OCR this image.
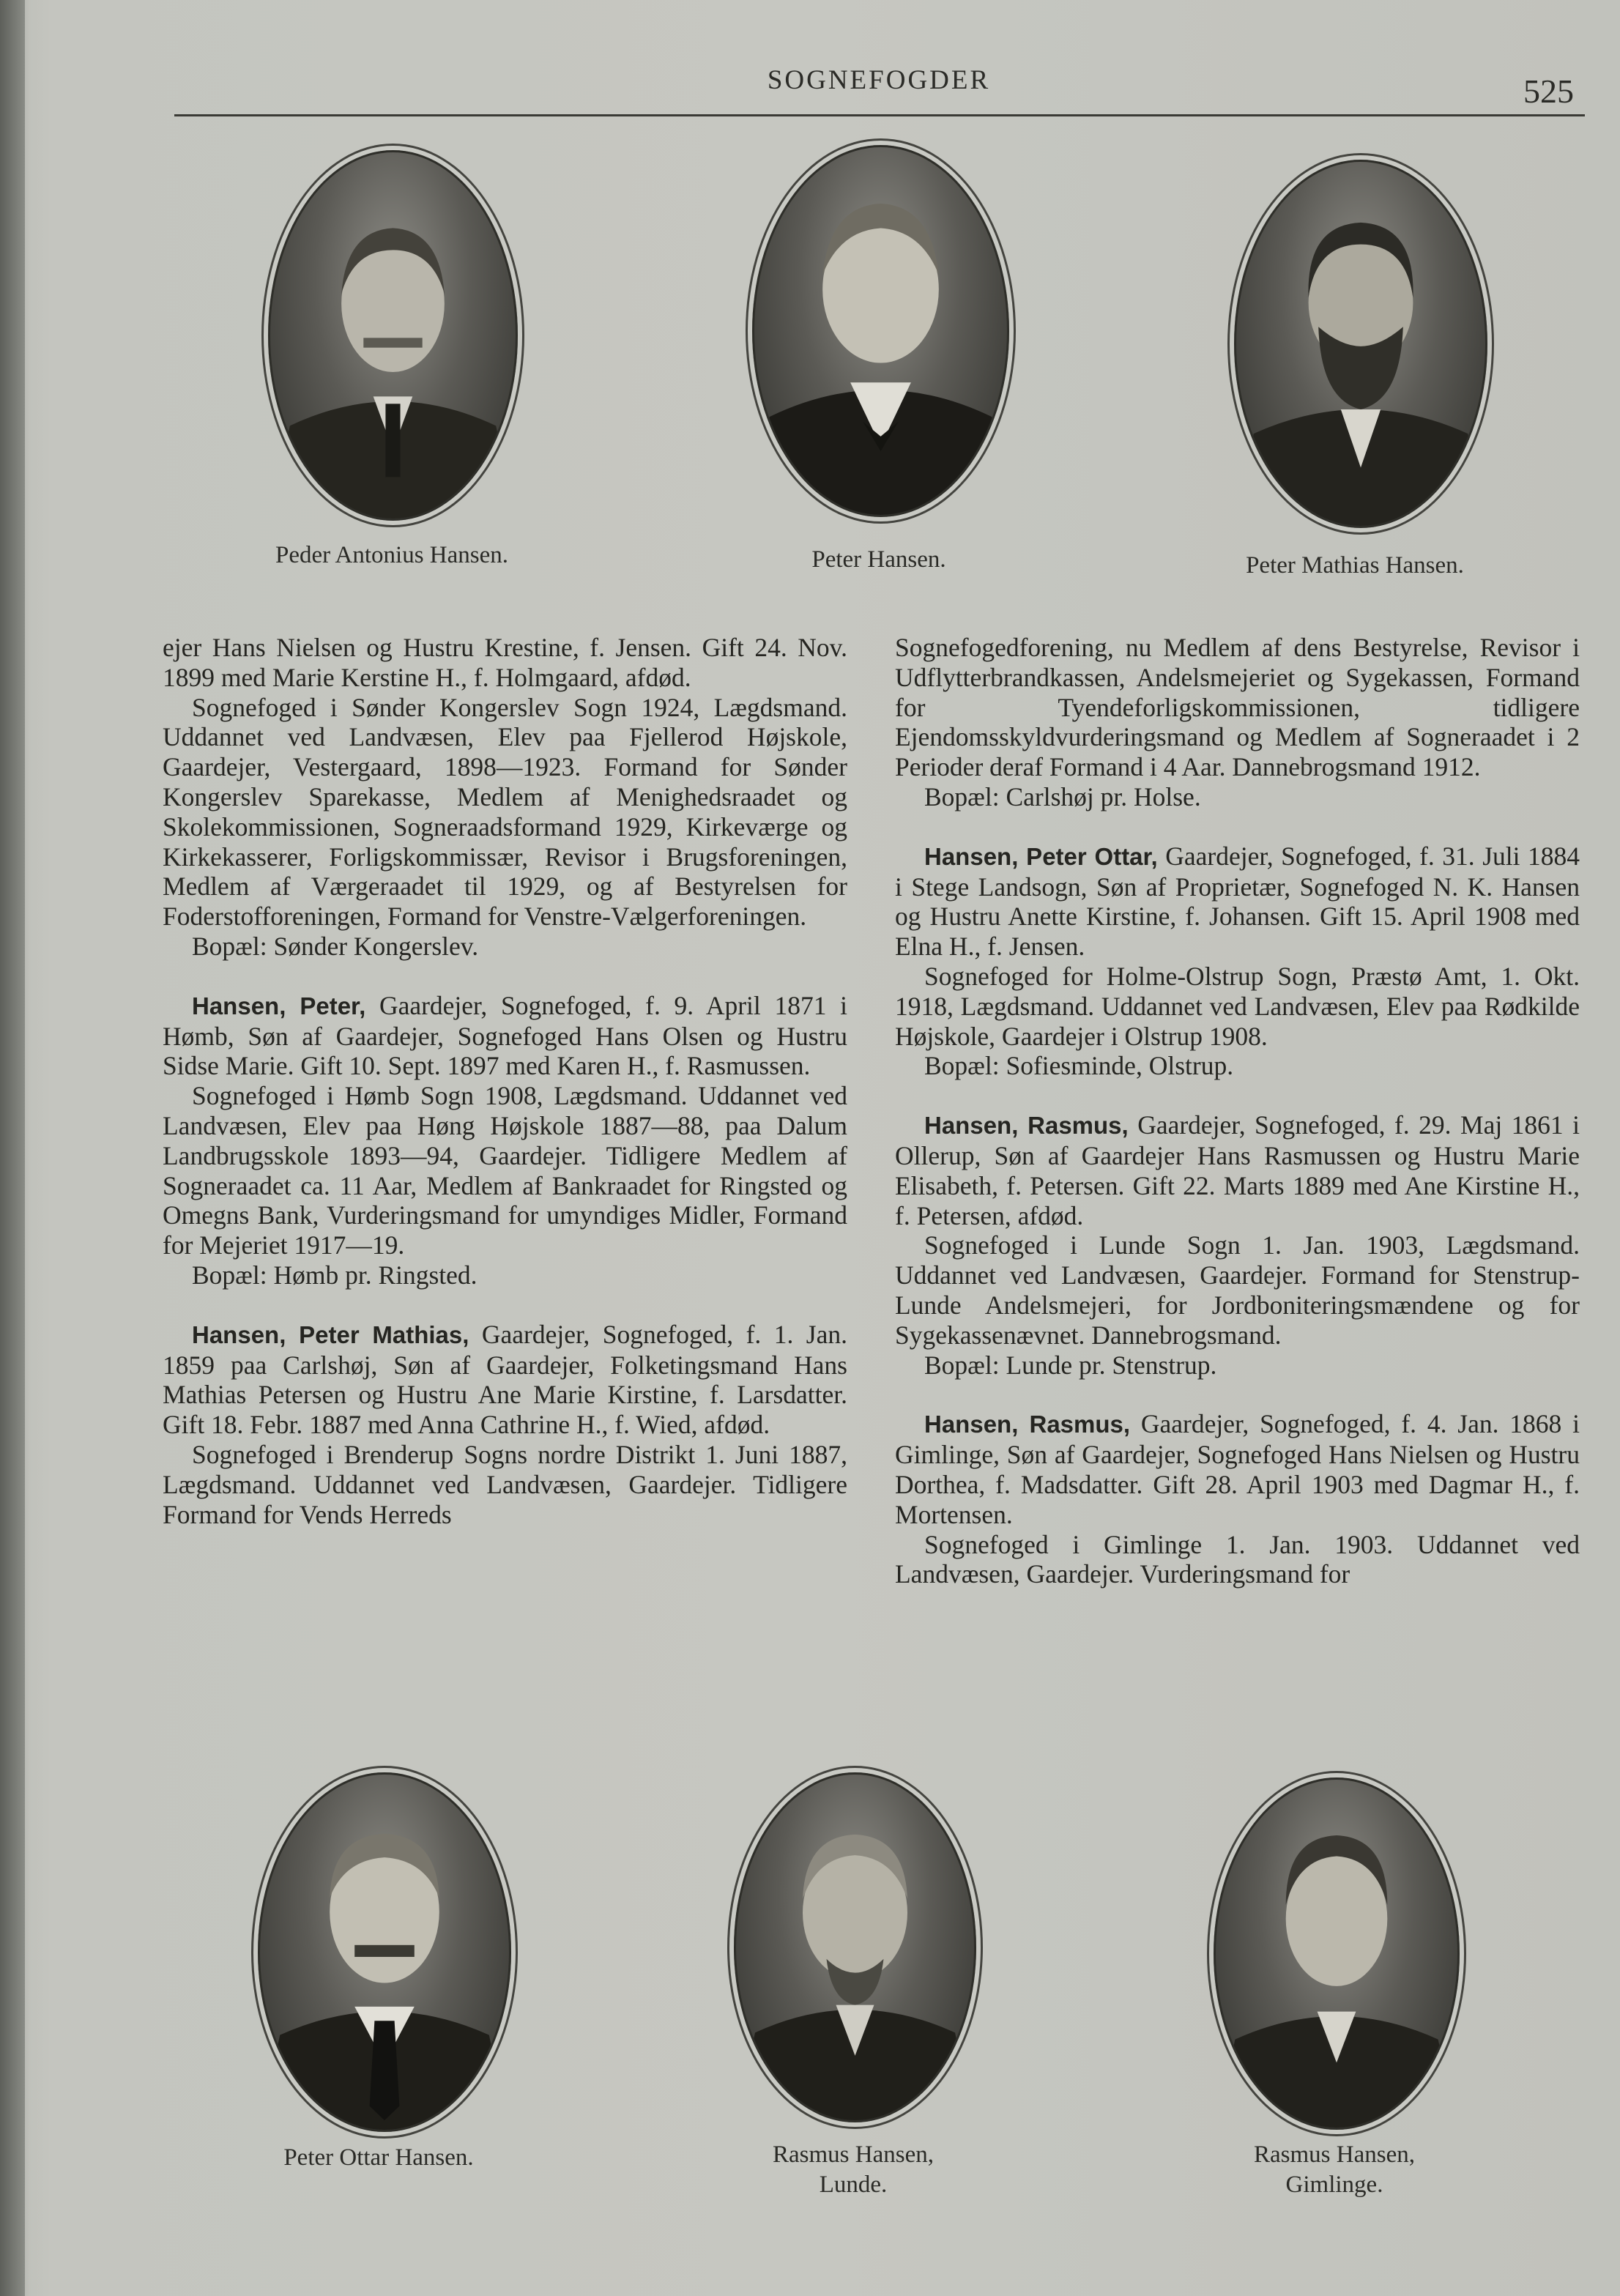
SOGNEFOGDER	525
Peder Antonius Hansen.	Peter Hansen.	Peter Mathias Hansen.

ejer Hans Nielsen og Hustru Krestine, f. Jensen. Gift 24. Nov. 1899 med Marie Kerstine H., f. Holmgaard, afdød.

Sognefoged i Sønder Kongerslev Sogn 1924, Lægdsmand. Uddannet ved Landvæsen, Elev paa Fjellerod Højskole, Gaardejer, Vestergaard, 1898—1923. Formand for Sønder Kongerslev Sparekasse, Medlem af Menighedsraadet og Skolekommissionen, Sogneraadsformand 1929, Kirkeværge og Kirkekasserer, Forligskommissær, Revisor i Brugsforeningen, Medlem af Værgeraadet til 1929, og af Bestyrelsen for Foderstofforeningen, Formand for Venstre-Vælgerforeningen.

Bopæl: Sønder Kongerslev.

Hansen, Peter, Gaardejer, Sognefoged, f. 9. April 1871 i Hømb, Søn af Gaardejer, Sognefoged Hans Olsen og Hustru Sidse Marie. Gift 10. Sept. 1897 med Karen H., f. Rasmussen.

Sognefoged i Hømb Sogn 1908, Lægdsmand. Uddannet ved Landvæsen, Elev paa Høng Højskole 1887—88, paa Dalum Landbrugsskole 1893—94, Gaardejer. Tidligere Medlem af Sogneraadet ca. 11 Aar, Medlem af Bankraadet for Ringsted og Omegns Bank, Vurderingsmand for umyndiges Midler, Formand for Mejeriet 1917—19.

Bopæl: Hømb pr. Ringsted.

Hansen, Peter Mathias, Gaardejer, Sognefoged, f. 1. Jan. 1859 paa Carlshøj, Søn af Gaardejer, Folketingsmand Hans Mathias Petersen og Hustru Ane Marie Kirstine, f. Larsdatter. Gift 18. Febr. 1887 med Anna Cathrine H., f. Wied, afdød.

Sognefoged i Brenderup Sogns nordre Distrikt 1. Juni 1887, Lægdsmand. Uddannet ved Landvæsen, Gaardejer. Tidligere Formand for Vends Herreds

Sognefogedforening, nu Medlem af dens Bestyrelse, Revisor i Udflytterbrandkassen, Andelsmejeriet og Sygekassen, Formand for Tyendeforligskommissionen, tidligere Ejendomsskyldvurderingsmand og Medlem af Sogneraadet i 2 Perioder deraf Formand i 4 Aar. Dannebrogsmand 1912.

Bopæl: Carlshøj pr. Holse.

Hansen, Peter Ottar, Gaardejer, Sognefoged, f. 31. Juli 1884 i Stege Landsogn, Søn af Proprietær, Sognefoged N. K. Hansen og Hustru Anette Kirstine, f. Johansen. Gift 15. April 1908 med Elna H., f. Jensen.

Sognefoged for Holme-Olstrup Sogn, Præstø Amt, 1. Okt. 1918, Lægdsmand. Uddannet ved Landvæsen, Elev paa Rødkilde Højskole, Gaardejer i Olstrup 1908.

Bopæl: Sofiesminde, Olstrup.

Hansen, Rasmus, Gaardejer, Sognefoged, f. 29. Maj 1861 i Ollerup, Søn af Gaardejer Hans Rasmussen og Hustru Marie Elisabeth, f. Petersen. Gift 22. Marts 1889 med Ane Kirstine H., f. Petersen, afdød.

Sognefoged i Lunde Sogn 1. Jan. 1903, Lægdsmand. Uddannet ved Landvæsen, Gaardejer. Formand for Stenstrup-Lunde Andelsmejeri, for Jordboniteringsmændene og for Sygekassenævnet. Dannebrogsmand.

Bopæl: Lunde pr. Stenstrup.

Hansen, Rasmus, Gaardejer, Sognefoged, f. 4. Jan. 1868 i Gimlinge, Søn af Gaardejer, Sognefoged Hans Nielsen og Hustru Dorthea, f. Madsdatter. Gift 28. April 1903 med Dagmar H., f. Mortensen.

Sognefoged i Gimlinge 1. Jan. 1903. Uddannet ved Landvæsen, Gaardejer. Vurderingsmand for

Peter Ottar Hansen.	Rasmus Hansen,
Lunde.
Rasmus Hansen,
Gimlinge.
